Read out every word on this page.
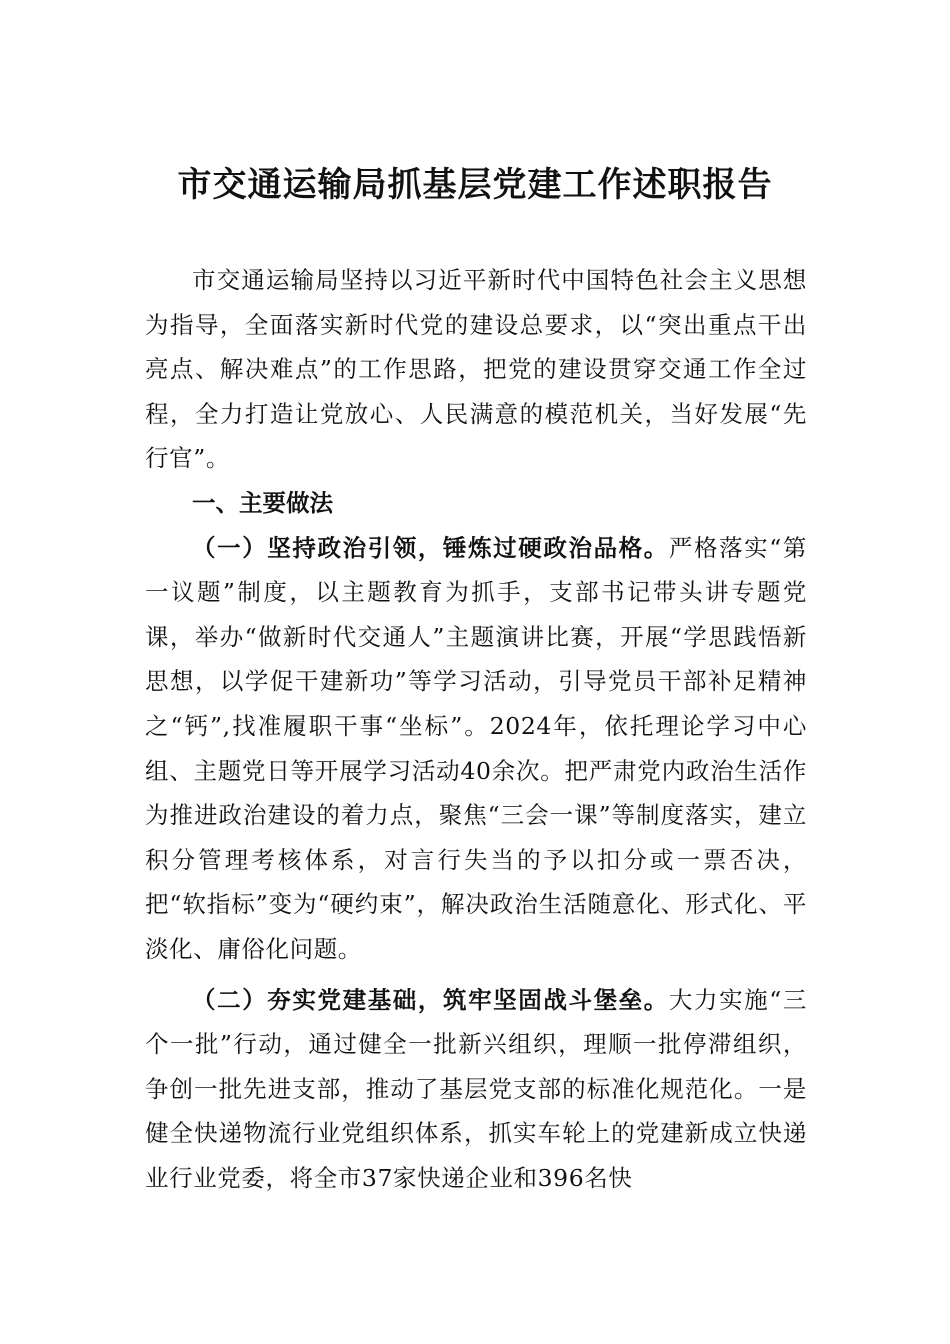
市交通运输局抓基层党建工作述职报告

市交通运输局坚持以习近平新时代中国特色社会主义思想为指导，全面落实新时代党的建设总要求，以“突出重点干出亮点、解决难点”的工作思路，把党的建设贯穿交通工作全过程，全力打造让党放心、人民满意的模范机关，当好发展“先行官”。

一、主要做法

（一）坚持政治引领，锤炼过硬政治品格。严格落实“第一议题”制度，以主题教育为抓手，支部书记带头讲专题党课，举办“做新时代交通人”主题演讲比赛，开展“学思践悟新思想，以学促干建新功”等学习活动，引导党员干部补足精神之“钙”,找准履职干事“坐标”。2024年，依托理论学习中心组、主题党日等开展学习活动40余次。把严肃党内政治生活作为推进政治建设的着力点，聚焦“三会一课”等制度落实，建立积分管理考核体系，对言行失当的予以扣分或一票否决，把“软指标”变为“硬约束”，解决政治生活随意化、形式化、平淡化、庸俗化问题。

（二）夯实党建基础，筑牢坚固战斗堡垒。大力实施“三个一批”行动，通过健全一批新兴组织，理顺一批停滞组织，争创一批先进支部，推动了基层党支部的标准化规范化。一是健全快递物流行业党组织体系，抓实车轮上的党建新成立快递业行业党委，将全市37家快递企业和396名快
